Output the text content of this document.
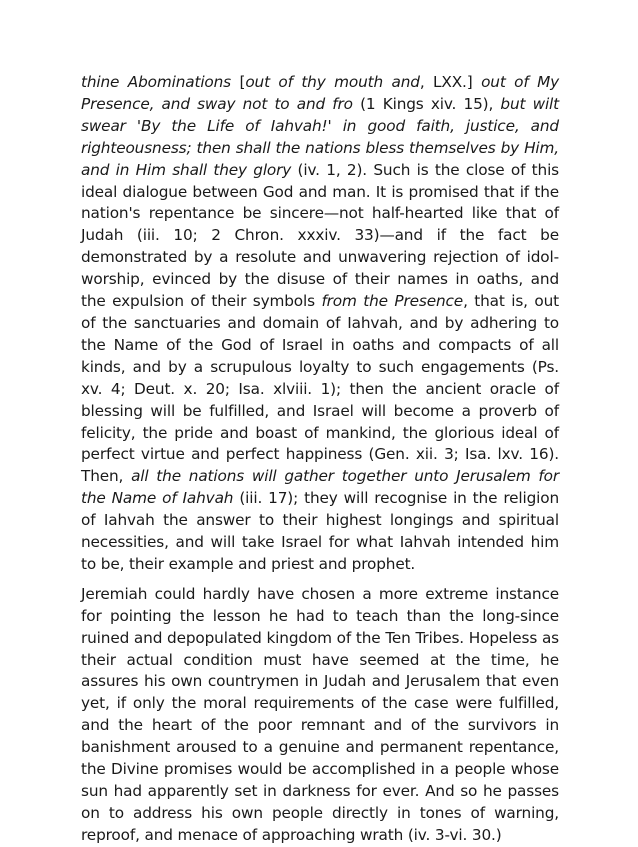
thine Abominations [out of thy mouth and, LXX.] out of My Presence, and sway not to and fro (1 Kings xiv. 15), but wilt swear 'By the Life of Iahvah!' in good faith, justice, and righteousness; then shall the nations bless themselves by Him, and in Him shall they glory (iv. 1, 2). Such is the close of this ideal dialogue between God and man. It is promised that if the nation's repentance be sincere—not half-hearted like that of Judah (iii. 10; 2 Chron. xxxiv. 33)—and if the fact be demonstrated by a resolute and unwavering rejection of idol-worship, evinced by the disuse of their names in oaths, and the expulsion of their symbols from the Presence, that is, out of the sanctuaries and domain of Iahvah, and by adhering to the Name of the God of Israel in oaths and compacts of all kinds, and by a scrupulous loyalty to such engagements (Ps. xv. 4; Deut. x. 20; Isa. xlviii. 1); then the ancient oracle of blessing will be fulfilled, and Israel will become a proverb of felicity, the pride and boast of mankind, the glorious ideal of perfect virtue and perfect happiness (Gen. xii. 3; Isa. lxv. 16). Then, all the nations will gather together unto Jerusalem for the Name of Iahvah (iii. 17); they will recognise in the religion of Iahvah the answer to their highest longings and spiritual necessities, and will take Israel for what Iahvah intended him to be, their example and priest and prophet.

Jeremiah could hardly have chosen a more extreme instance for pointing the lesson he had to teach than the long-since ruined and depopulated kingdom of the Ten Tribes. Hopeless as their actual condition must have seemed at the time, he assures his own countrymen in Judah and Jerusalem that even yet, if only the moral requirements of the case were fulfilled, and the heart of the poor remnant and of the survivors in banishment aroused to a genuine and permanent repentance, the Divine promises would be accomplished in a people whose sun had apparently set in darkness for ever. And so he passes on to address his own people directly in tones of warning, reproof, and menace of approaching wrath (iv. 3-vi. 30.)
